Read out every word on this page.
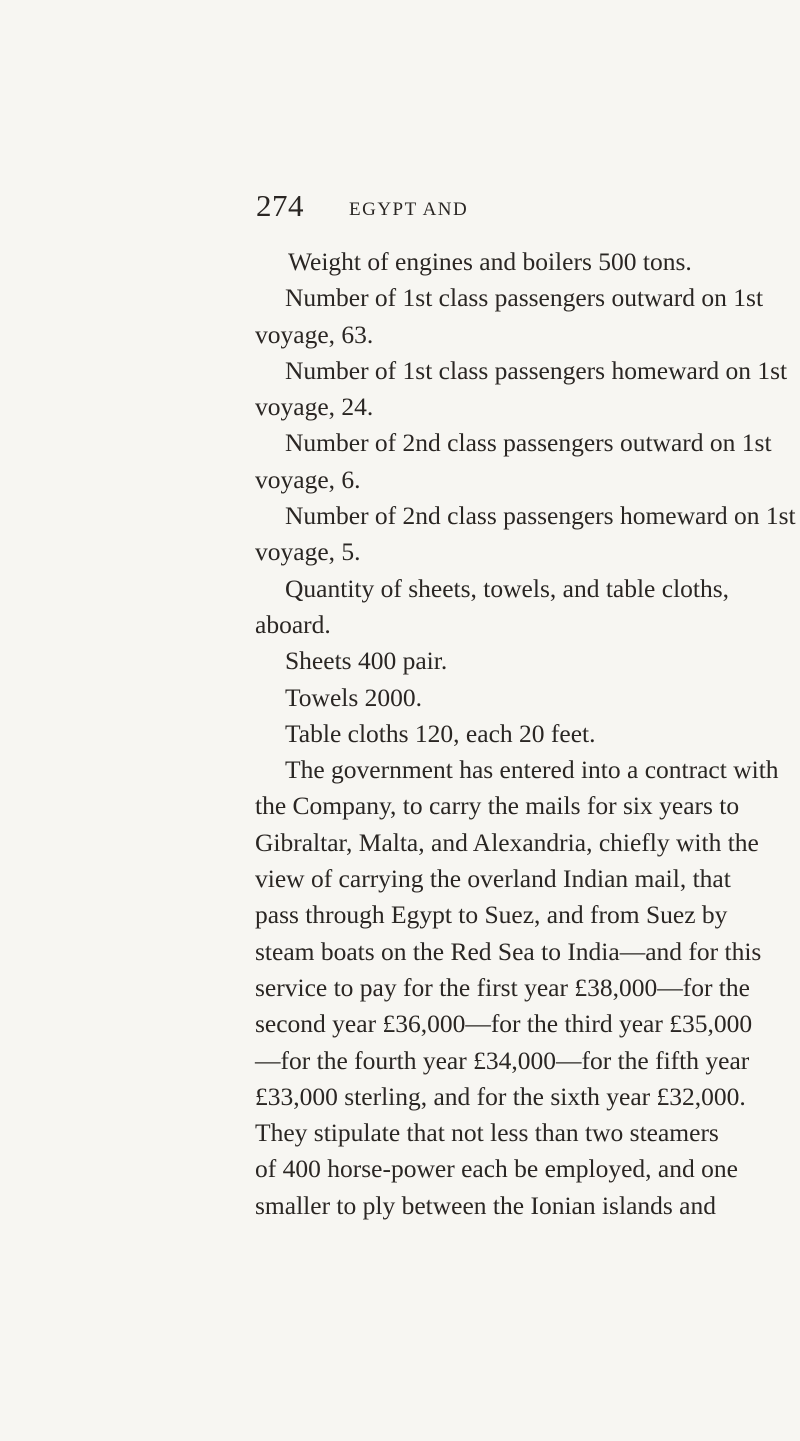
274 EGYPT AND
Weight of engines and boilers 500 tons.
Number of 1st class passengers outward on 1st
voyage, 63.
Number of 1st class passengers homeward on 1st
voyage, 24.
Number of 2nd class passengers outward on 1st
voyage, 6.
Number of 2nd class passengers homeward on 1st
voyage, 5.
Quantity of sheets, towels, and table cloths,
aboard.
Sheets 400 pair.
Towels 2000.
Table cloths 120, each 20 feet.
The government has entered into a contract with
the Company, to carry the mails for six years to
Gibraltar, Malta, and Alexandria, chiefly with the
view of carrying the overland Indian mail, that
pass through Egypt to Suez, and from Suez by
steam boats on the Red Sea to India—and for this
service to pay for the first year £38,000—for the
second year £36,000—for the third year £35,000
—for the fourth year £34,000—for the fifth year
£33,000 sterling, and for the sixth year £32,000.
They stipulate that not less than two steamers
of 400 horse-power each be employed, and one
smaller to ply between the Ionian islands and
